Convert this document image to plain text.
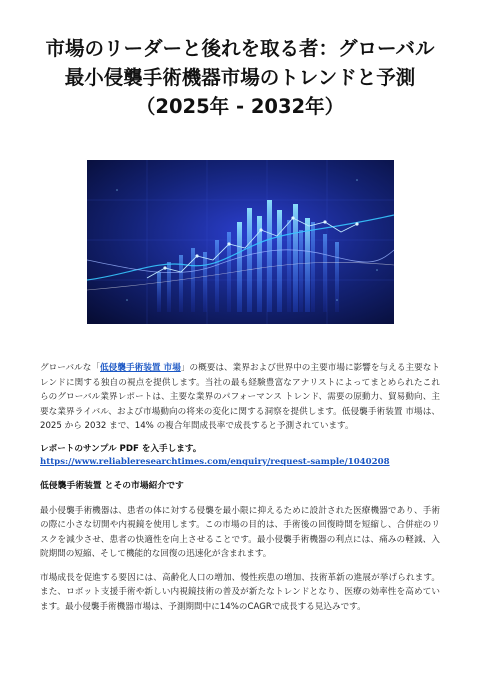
市場のリーダーと後れを取る者：グローバル最小侵襲手術機器市場のトレンドと予測（2025年 - 2032年）

グローバルな「低侵襲手術装置 市場」の概要は、業界および世界中の主要市場に影響を与える主要なトレンドに関する独自の視点を提供します。当社の最も経験豊富なアナリストによってまとめられたこれらのグローバル業界レポートは、主要な業界のパフォーマンス トレンド、需要の原動力、貿易動向、主要な業界ライバル、および市場動向の将来の変化に関する洞察を提供します。低侵襲手術装置 市場は、2025 から 2032 まで、14% の複合年間成長率で成長すると予測されています。

レポートのサンプル PDF を入手します。 https://www.reliableresearchtimes.com/enquiry/request-sample/1040208

低侵襲手術装置 とその市場紹介です

最小侵襲手術機器は、患者の体に対する侵襲を最小限に抑えるために設計された医療機器であり、手術の際に小さな切開や内視鏡を使用します。この市場の目的は、手術後の回復時間を短縮し、合併症のリスクを減少させ、患者の快適性を向上させることです。最小侵襲手術機器の利点には、痛みの軽減、入院期間の短縮、そして機能的な回復の迅速化が含まれます。

市場成長を促進する要因には、高齢化人口の増加、慢性疾患の増加、技術革新の進展が挙げられます。また、ロボット支援手術や新しい内視鏡技術の普及が新たなトレンドとなり、医療の効率性を高めています。最小侵襲手術機器市場は、予測期間中に14%のCAGRで成長する見込みです。
